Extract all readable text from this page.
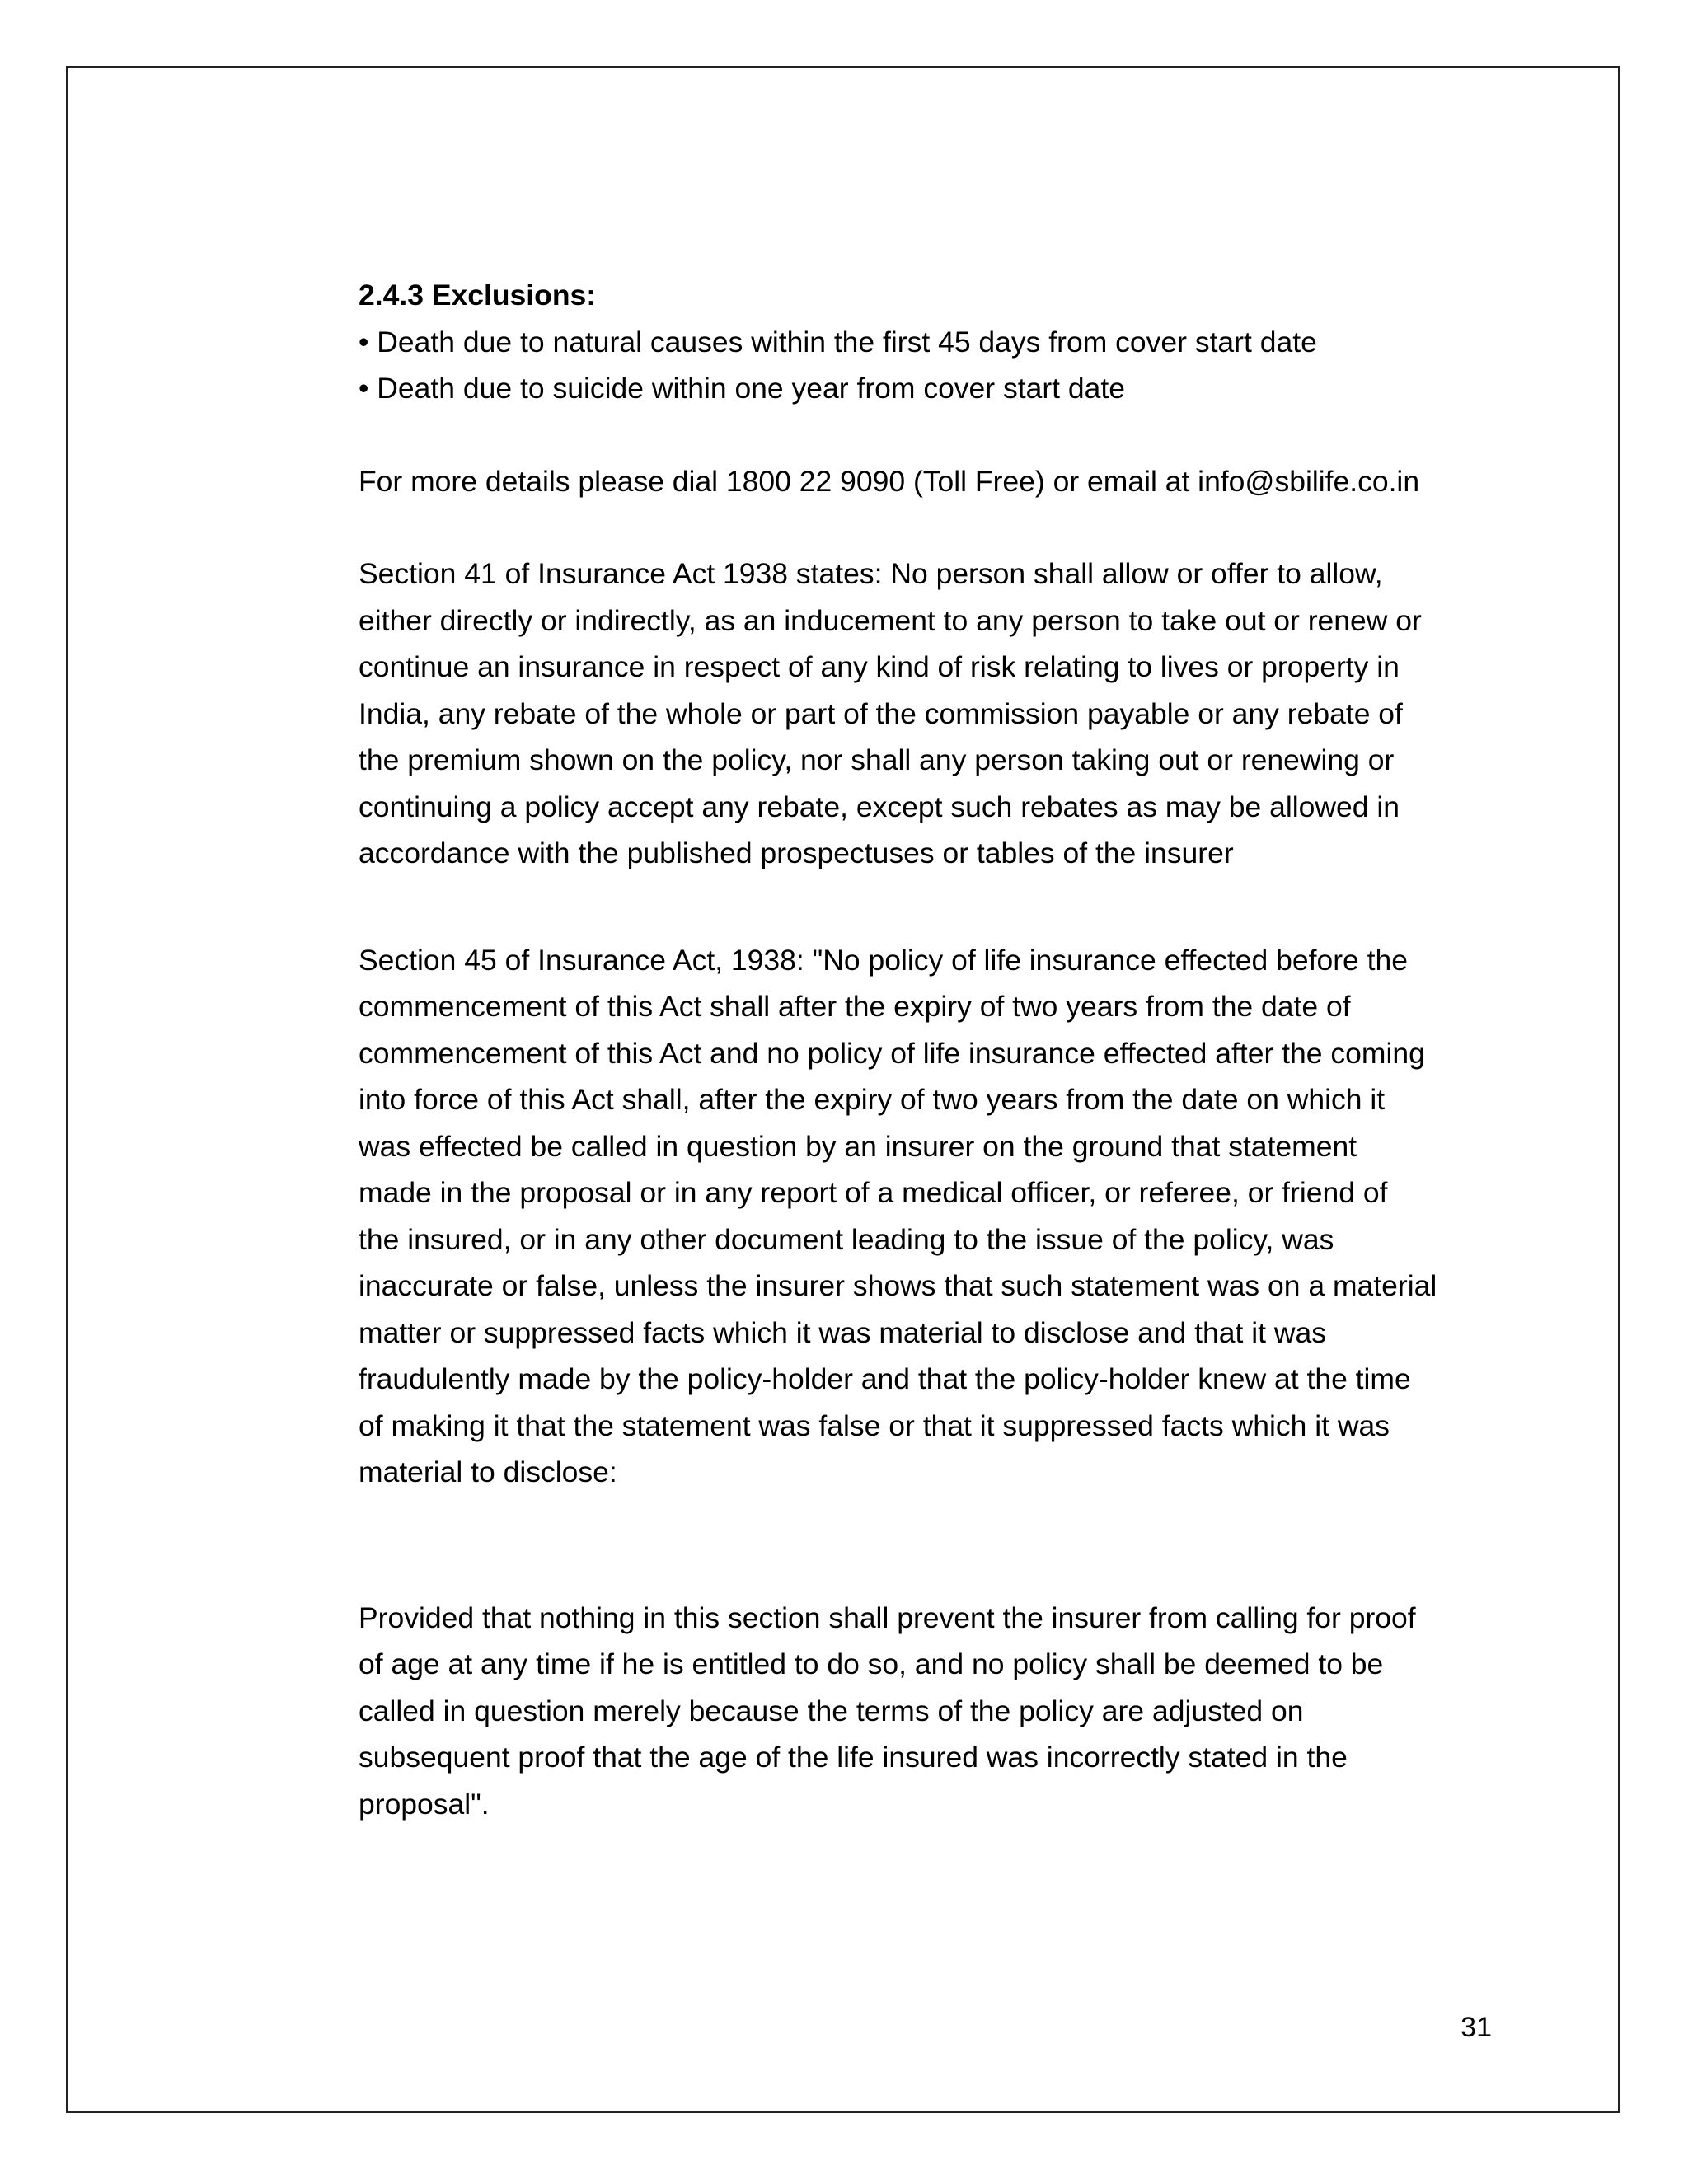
2.4.3 Exclusions:

• Death due to natural causes within the first 45 days from cover start date

• Death due to suicide within one year from cover start date

For more details please dial 1800 22 9090 (Toll Free) or email at info@sbilife.co.in

Section 41 of Insurance Act 1938 states: No person shall allow or offer to allow,

either directly or indirectly, as an inducement to any person to take out or renew or

continue an insurance in respect of any kind of risk relating to lives or property in

India, any rebate of the whole or part of the commission payable or any rebate of

the premium shown on the policy, nor shall any person taking out or renewing or

continuing a policy accept any rebate, except such rebates as may be allowed in

accordance with the published prospectuses or tables of the insurer

Section 45 of Insurance Act, 1938: "No policy of life insurance effected before the

commencement of this Act shall after the expiry of two years from the date of

commencement of this Act and no policy of life insurance effected after the coming

into force of this Act shall, after the expiry of two years from the date on which it

was effected be called in question by an insurer on the ground that statement

made in the proposal or in any report of a medical officer, or referee, or friend of

the insured, or in any other document leading to the issue of the policy, was

inaccurate or false, unless the insurer shows that such statement was on a material

matter or suppressed facts which it was material to disclose and that it was

fraudulently made by the policy-holder and that the policy-holder knew at the time

of making it that the statement was false or that it suppressed facts which it was

material to disclose:

Provided that nothing in this section shall prevent the insurer from calling for proof

of age at any time if he is entitled to do so, and no policy shall be deemed to be

called in question merely because the terms of the policy are adjusted on

subsequent proof that the age of the life insured was incorrectly stated in the

proposal".

31
